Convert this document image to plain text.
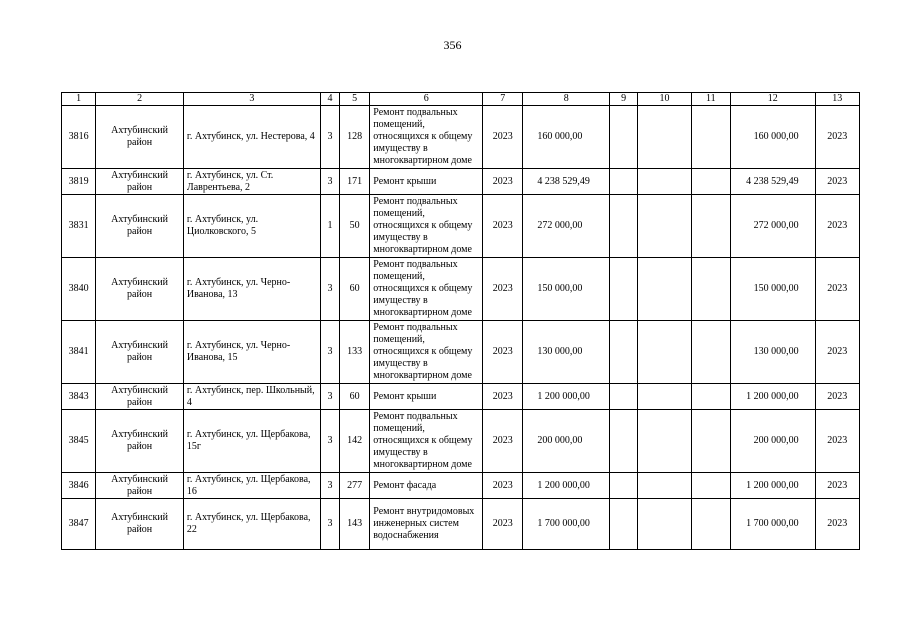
356
1	2	3	4	5	6	7	8	9	10	11	12	13
3816	Ахтубинский район	г. Ахтубинск, ул. Нестерова, 4	3	128	Ремонт подвальных помещений, относящихся к общему имуществу в многоквартирном доме	2023	160 000,00				160 000,00	2023
3819	Ахтубинский район	г. Ахтубинск, ул. Ст. Лаврентьева, 2	3	171	Ремонт крыши	2023	4 238 529,49				4 238 529,49	2023
3831	Ахтубинский район	г. Ахтубинск, ул. Циолковского, 5	1	50	Ремонт подвальных помещений, относящихся к общему имуществу в многоквартирном доме	2023	272 000,00				272 000,00	2023
3840	Ахтубинский район	г. Ахтубинск, ул. Черно-Иванова, 13	3	60	Ремонт подвальных помещений, относящихся к общему имуществу в многоквартирном доме	2023	150 000,00				150 000,00	2023
3841	Ахтубинский район	г. Ахтубинск, ул. Черно-Иванова, 15	3	133	Ремонт подвальных помещений, относящихся к общему имуществу в многоквартирном доме	2023	130 000,00				130 000,00	2023
3843	Ахтубинский район	г. Ахтубинск, пер. Школьный, 4	3	60	Ремонт крыши	2023	1 200 000,00				1 200 000,00	2023
3845	Ахтубинский район	г. Ахтубинск, ул. Щербакова, 15г	3	142	Ремонт подвальных помещений, относящихся к общему имуществу в многоквартирном доме	2023	200 000,00				200 000,00	2023
3846	Ахтубинский район	г. Ахтубинск, ул. Щербакова, 16	3	277	Ремонт фасада	2023	1 200 000,00				1 200 000,00	2023
3847	Ахтубинский район	г. Ахтубинск, ул. Щербакова, 22	3	143	Ремонт внутридомовых инженерных систем водоснабжения	2023	1 700 000,00				1 700 000,00	2023
